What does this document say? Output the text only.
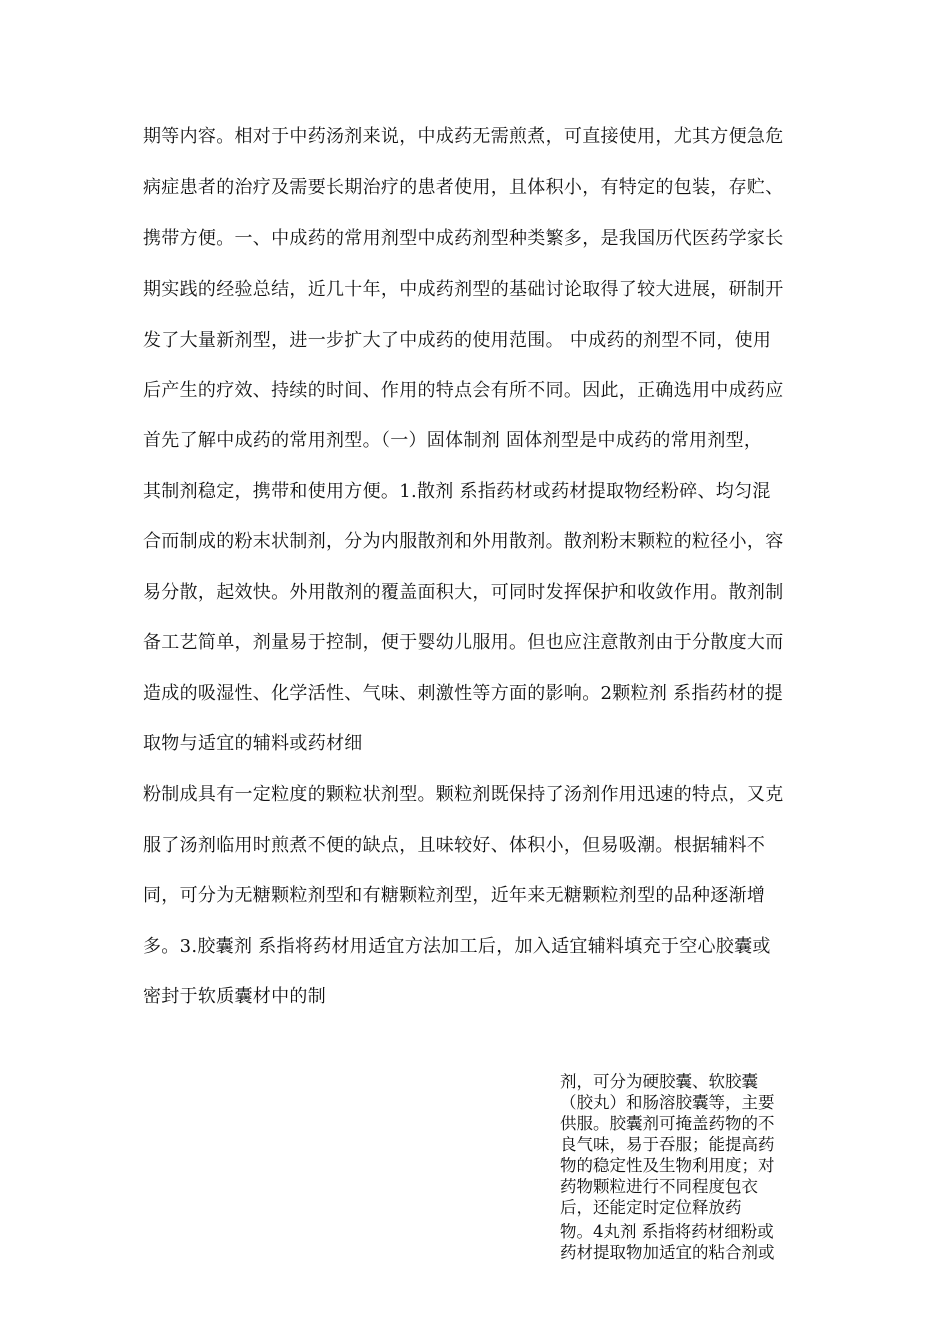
期等内容。相对于中药汤剂来说，中成药无需煎煮，可直接使用，尤其方便急危
病症患者的治疗及需要长期治疗的患者使用，且体积小，有特定的包装，存贮、
携带方便。一、中成药的常用剂型中成药剂型种类繁多，是我国历代医药学家长
期实践的经验总结，近几十年，中成药剂型的基础讨论取得了较大进展，研制开
发了大量新剂型，进一步扩大了中成药的使用范围。 中成药的剂型不同，使用
后产生的疗效、持续的时间、作用的特点会有所不同。因此，正确选用中成药应
首先了解中成药的常用剂型。（一）固体制剂 固体剂型是中成药的常用剂型，
其制剂稳定，携带和使用方便。1.散剂 系指药材或药材提取物经粉碎、均匀混
合而制成的粉末状制剂，分为内服散剂和外用散剂。散剂粉末颗粒的粒径小，容
易分散，起效快。外用散剂的覆盖面积大，可同时发挥保护和收敛作用。散剂制
备工艺简单，剂量易于控制，便于婴幼儿服用。但也应注意散剂由于分散度大而
造成的吸湿性、化学活性、气味、刺激性等方面的影响。2颗粒剂 系指药材的提
取物与适宜的辅料或药材细
粉制成具有一定粒度的颗粒状剂型。颗粒剂既保持了汤剂作用迅速的特点，又克
服了汤剂临用时煎煮不便的缺点，且味较好、体积小，但易吸潮。根据辅料不
同，可分为无糖颗粒剂型和有糖颗粒剂型，近年来无糖颗粒剂型的品种逐渐增
多。3.胶囊剂 系指将药材用适宜方法加工后，加入适宜辅料填充于空心胶囊或
密封于软质囊材中的制
剂，可分为硬胶囊、软胶囊
（胶丸）和肠溶胶囊等，主要
供服。胶囊剂可掩盖药物的不
良气味，易于吞服；能提高药
物的稳定性及生物利用度；对
药物颗粒进行不同程度包衣
后，还能定时定位释放药
物。4丸剂 系指将药材细粉或
药材提取物加适宜的粘合剂或
